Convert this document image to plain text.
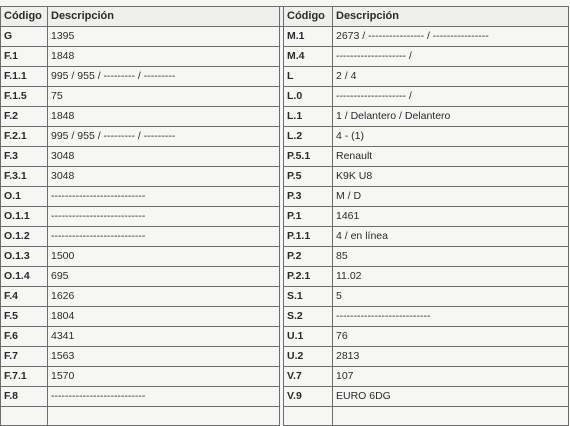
Código	Descripción		Código	Descripción
G	1395		M.1	2673 / ---------------- / ----------------
F.1	1848		M.4	-------------------- /
F.1.1	995 / 955 / --------- / ---------		L	2 / 4
F.1.5	75		L.0	-------------------- /
F.2	1848		L.1	1 / Delantero / Delantero
F.2.1	995 / 955 / --------- / ---------		L.2	4 - (1)
F.3	3048		P.5.1	Renault
F.3.1	3048		P.5	K9K U8
O.1	---------------------------		P.3	M / D
O.1.1	---------------------------		P.1	1461
O.1.2	---------------------------		P.1.1	4 / en línea
O.1.3	1500		P.2	85
O.1.4	695		P.2.1	11.02
F.4	1626		S.1	5
F.5	1804		S.2	---------------------------
F.6	4341		U.1	76
F.7	1563		U.2	2813
F.7.1	1570		V.7	107
F.8	---------------------------		V.9	EURO 6DG
